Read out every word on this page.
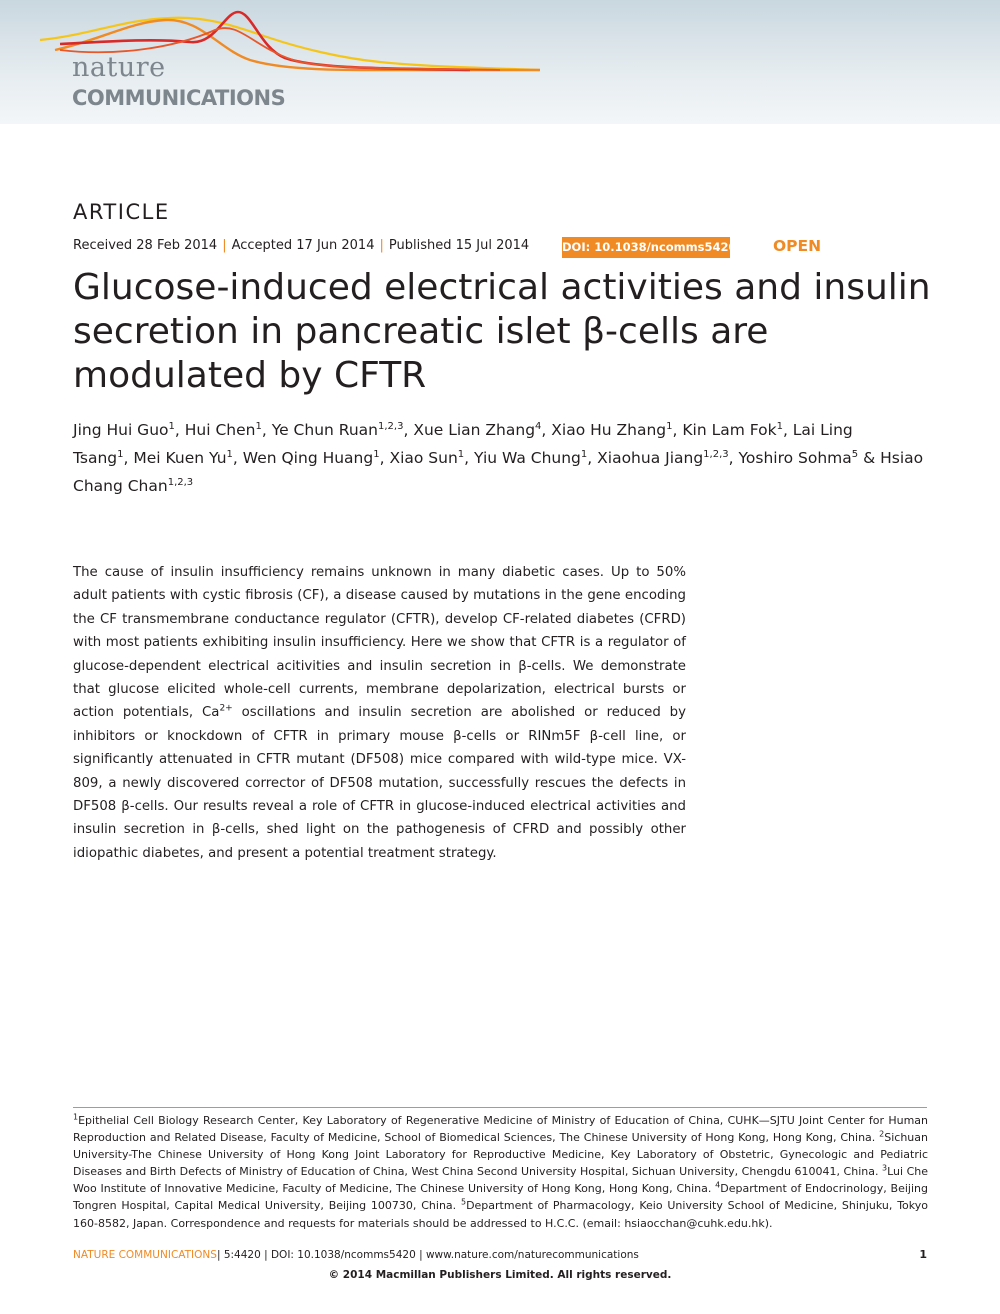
nature
COMMUNICATIONS
ARTICLE
Received 28 Feb 2014 | Accepted 17 Jun 2014 | Published 15 Jul 2014	DOI: 10.1038/ncomms5420 OPEN
Glucose-induced electrical activities and insulin secretion in pancreatic islet β-cells are modulated by CFTR
Jing Hui Guo$^1$, Hui Chen$^1$, Ye Chun Ruan$^{1,2,3}$, Xue Lian Zhang$^4$, Xiao Hu Zhang$^1$, Kin Lam Fok$^1$, Lai Ling Tsang$^1$, Mei Kuen Yu$^1$, Wen Qing Huang$^1$, Xiao Sun$^1$, Yiu Wa Chung$^1$, Xiaohua Jiang$^{1,2,3}$, Yoshiro Sohma$^5$ & Hsiao Chang Chan$^{1,2,3}$

The cause of insulin insufficiency remains unknown in many diabetic cases. Up to 50% adult patients with cystic fibrosis (CF), a disease caused by mutations in the gene encoding the CF transmembrane conductance regulator (CFTR), develop CF-related diabetes (CFRD) with most patients exhibiting insulin insufficiency. Here we show that CFTR is a regulator of glucose-dependent electrical acitivities and insulin secretion in β-cells. We demonstrate that glucose elicited whole-cell currents, membrane depolarization, electrical bursts or action potentials, $Ca^{2+}$ oscillations and insulin secretion are abolished or reduced by inhibitors or knockdown of CFTR in primary mouse β-cells or RINm5F β-cell line, or significantly attenuated in CFTR mutant (DF508) mice compared with wild-type mice. VX-809, a newly discovered corrector of DF508 mutation, successfully rescues the defects in DF508 β-cells. Our results reveal a role of CFTR in glucose-induced electrical activities and insulin secretion in β-cells, shed light on the pathogenesis of CFRD and possibly other idiopathic diabetes, and present a potential treatment strategy.

$^1$Epithelial Cell Biology Research Center, Key Laboratory of Regenerative Medicine of Ministry of Education of China, CUHK—SJTU Joint Center for Human Reproduction and Related Disease, Faculty of Medicine, School of Biomedical Sciences, The Chinese University of Hong Kong, Hong Kong, China. $^2$Sichuan University-The Chinese University of Hong Kong Joint Laboratory for Reproductive Medicine, Key Laboratory of Obstetric, Gynecologic and Pediatric Diseases and Birth Defects of Ministry of Education of China, West China Second University Hospital, Sichuan University, Chengdu 610041, China. $^3$Lui Che Woo Institute of Innovative Medicine, Faculty of Medicine, The Chinese University of Hong Kong, Hong Kong, China. $^4$Department of Endocrinology, Beijing Tongren Hospital, Capital Medical University, Beijing 100730, China. $^5$Department of Pharmacology, Keio University School of Medicine, Shinjuku, Tokyo 160-8582, Japan. Correspondence and requests for materials should be addressed to H.C.C. (email: hsiaocchan@cuhk.edu.hk).

NATURE COMMUNICATIONS| 5:4420 | DOI: 10.1038/ncomms5420 | www.nature.com/naturecommunications	1
© 2014 Macmillan Publishers Limited. All rights reserved.
